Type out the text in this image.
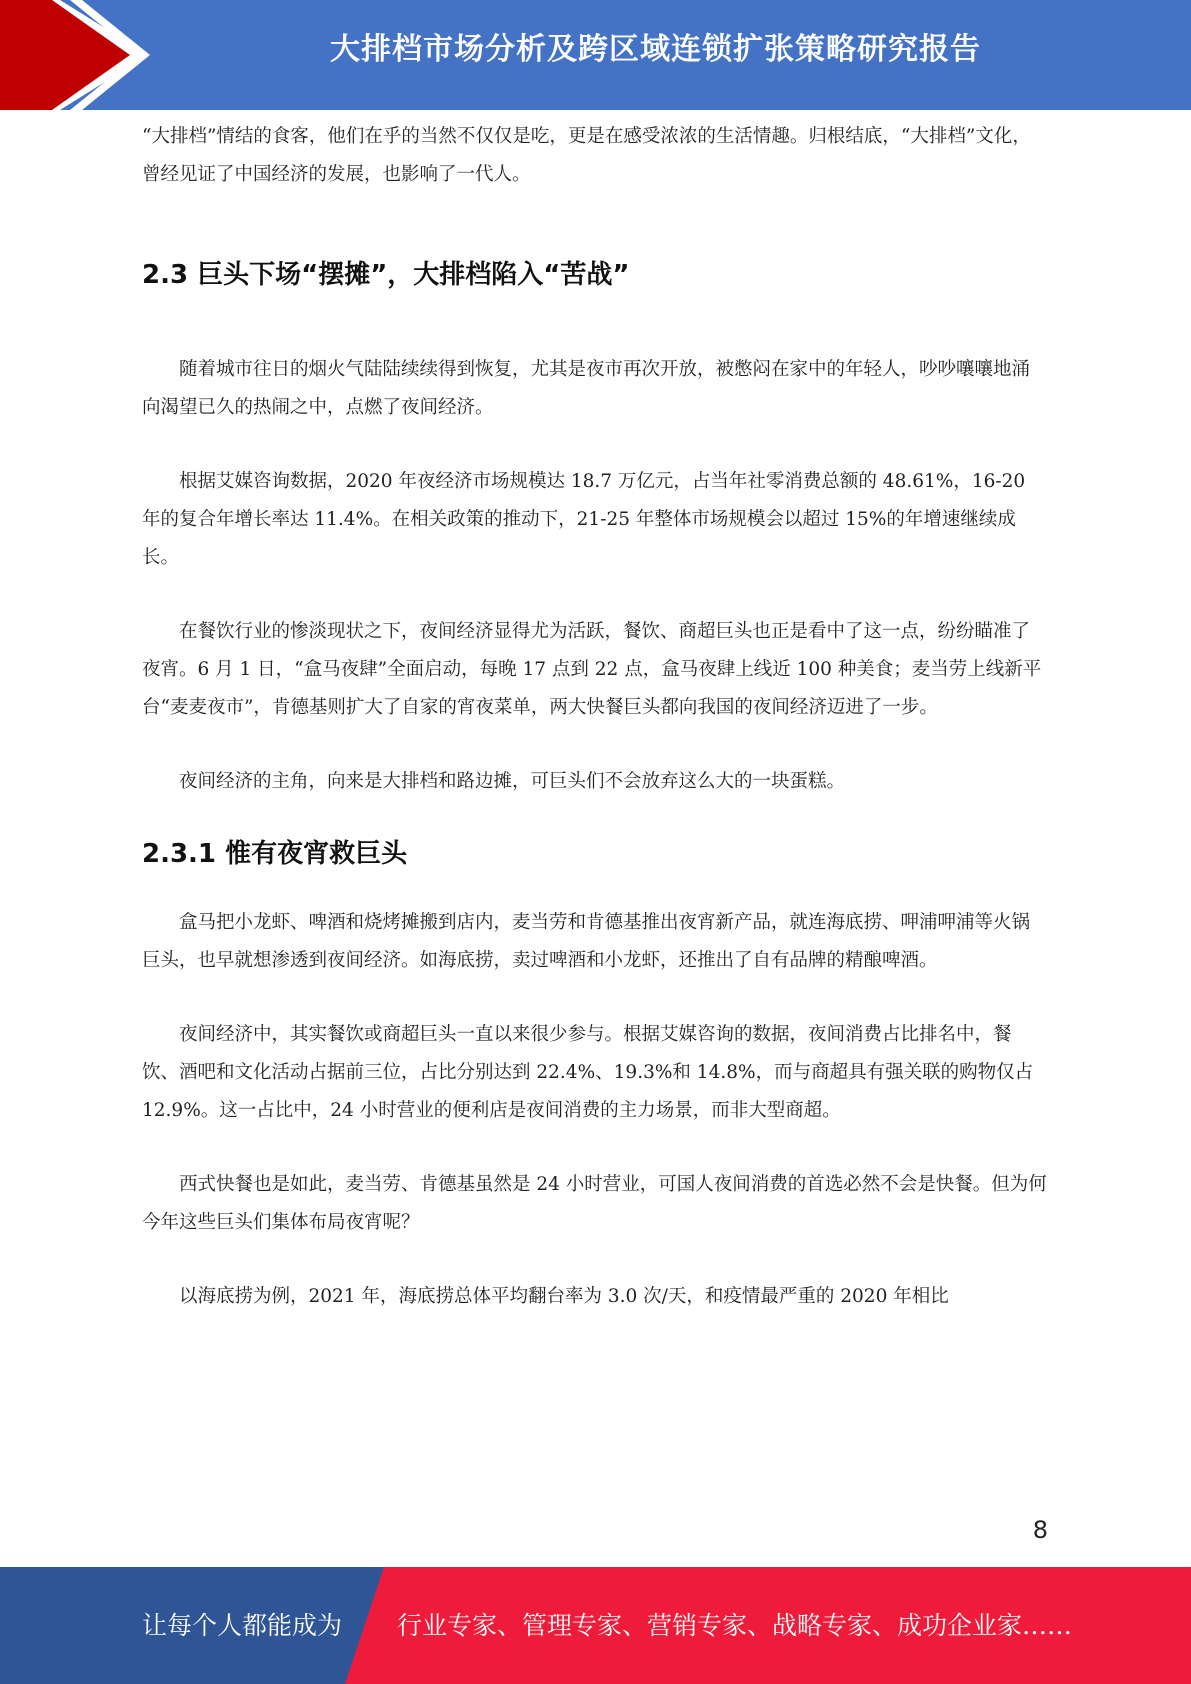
大排档市场分析及跨区域连锁扩张策略研究报告

“大排档”情结的食客，他们在乎的当然不仅仅是吃，更是在感受浓浓的生活情趣。归根结底，“大排档”文化，曾经见证了中国经济的发展，也影响了一代人。

2.3 巨头下场“摆摊”，大排档陷入“苦战”

随着城市往日的烟火气陆陆续续得到恢复，尤其是夜市再次开放，被憋闷在家中的年轻人，吵吵嚷嚷地涌向渴望已久的热闹之中，点燃了夜间经济。

根据艾媒咨询数据，2020 年夜经济市场规模达 18.7 万亿元，占当年社零消费总额的 48.61%，16-20 年的复合年增长率达 11.4%。在相关政策的推动下，21-25 年整体市场规模会以超过 15%的年增速继续成长。

在餐饮行业的惨淡现状之下，夜间经济显得尤为活跃，餐饮、商超巨头也正是看中了这一点，纷纷瞄准了夜宵。6 月 1 日，“盒马夜肆”全面启动，每晚 17 点到 22 点，盒马夜肆上线近 100 种美食；麦当劳上线新平台“麦麦夜市”，肯德基则扩大了自家的宵夜菜单，两大快餐巨头都向我国的夜间经济迈进了一步。

夜间经济的主角，向来是大排档和路边摊，可巨头们不会放弃这么大的一块蛋糕。

2.3.1 惟有夜宵救巨头

盒马把小龙虾、啤酒和烧烤摊搬到店内，麦当劳和肯德基推出夜宵新产品，就连海底捞、呷浦呷浦等火锅巨头，也早就想渗透到夜间经济。如海底捞，卖过啤酒和小龙虾，还推出了自有品牌的精酿啤酒。

夜间经济中，其实餐饮或商超巨头一直以来很少参与。根据艾媒咨询的数据，夜间消费占比排名中，餐饮、酒吧和文化活动占据前三位，占比分别达到 22.4%、19.3%和 14.8%，而与商超具有强关联的购物仅占 12.9%。这一占比中，24 小时营业的便利店是夜间消费的主力场景，而非大型商超。

西式快餐也是如此，麦当劳、肯德基虽然是 24 小时营业，可国人夜间消费的首选必然不会是快餐。但为何今年这些巨头们集体布局夜宵呢？

以海底捞为例，2021 年，海底捞总体平均翻台率为 3.0 次/天，和疫情最严重的 2020 年相比

8
让每个人都能成为 行业专家、管理专家、营销专家、战略专家、成功企业家……
